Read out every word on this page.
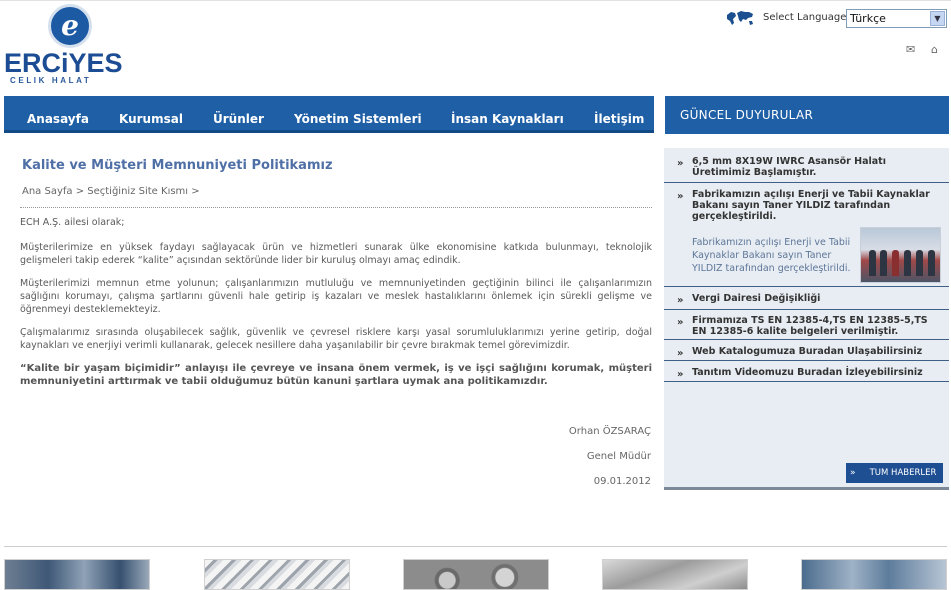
e
ERCiYES
CELIK HALAT
Select Language Türkçe	▼
✉ ⌂
Anasayfa	Kurumsal	Ürünler	Yönetim Sistemleri İnsan Kaynakları	İletişim
Kalite ve Müşteri Memnuniyeti Politikamız
Ana Sayfa > Seçtiğiniz Site Kısmı >

ECH A.Ş. ailesi olarak;

Müşterilerimize en yüksek faydayı sağlayacak ürün ve hizmetleri sunarak ülke ekonomisine katkıda bulunmayı, teknolojik gelişmeleri takip ederek “kalite” açısından sektöründe lider bir kuruluş olmayı amaç edindik.

Müşterilerimizi memnun etme yolunun; çalışanlarımızın mutluluğu ve memnuniyetinden geçtiğinin bilinci ile çalışanlarımızın sağlığını korumayı, çalışma şartlarını güvenli hale getirip iş kazaları ve meslek hastalıklarını önlemek için sürekli gelişme ve öğrenmeyi desteklemekteyiz.

Çalışmalarımız sırasında oluşabilecek sağlık, güvenlik ve çevresel risklere karşı yasal sorumluluklarımızı yerine getirip, doğal kaynakları ve enerjiyi verimli kullanarak, gelecek nesillere daha yaşanılabilir bir çevre bırakmak temel görevimizdir.

“Kalite bir yaşam biçimidir” anlayışı ile çevreye ve insana önem vermek, iş ve işçi sağlığını korumak, müşteri memnuniyetini arttırmak ve tabii olduğumuz bütün kanuni şartlara uymak ana politikamızdır.

Orhan ÖZSARAÇ
Genel Müdür
09.01.2012
GÜNCEL DUYURULAR
» 6,5 mm 8X19W IWRC Asansör Halatı Üretimimiz Başlamıştır.
» Fabrikamızın açılışı Enerji ve Tabii Kaynaklar Bakanı sayın Taner YILDIZ tarafından gerçekleştirildi.
Fabrikamızın açılışı Enerji ve Tabii Kaynaklar Bakanı sayın Taner YILDIZ tarafından gerçekleştirildi.
» Vergi Dairesi Değişikliği
» Firmamıza TS EN 12385-4,TS EN 12385-5,TS EN 12385-6 kalite belgeleri verilmiştir.
» Web Katalogumuza Buradan Ulaşabilirsiniz
» Tanıtım Videomuzu Buradan İzleyebilirsiniz
» TUM HABERLER
